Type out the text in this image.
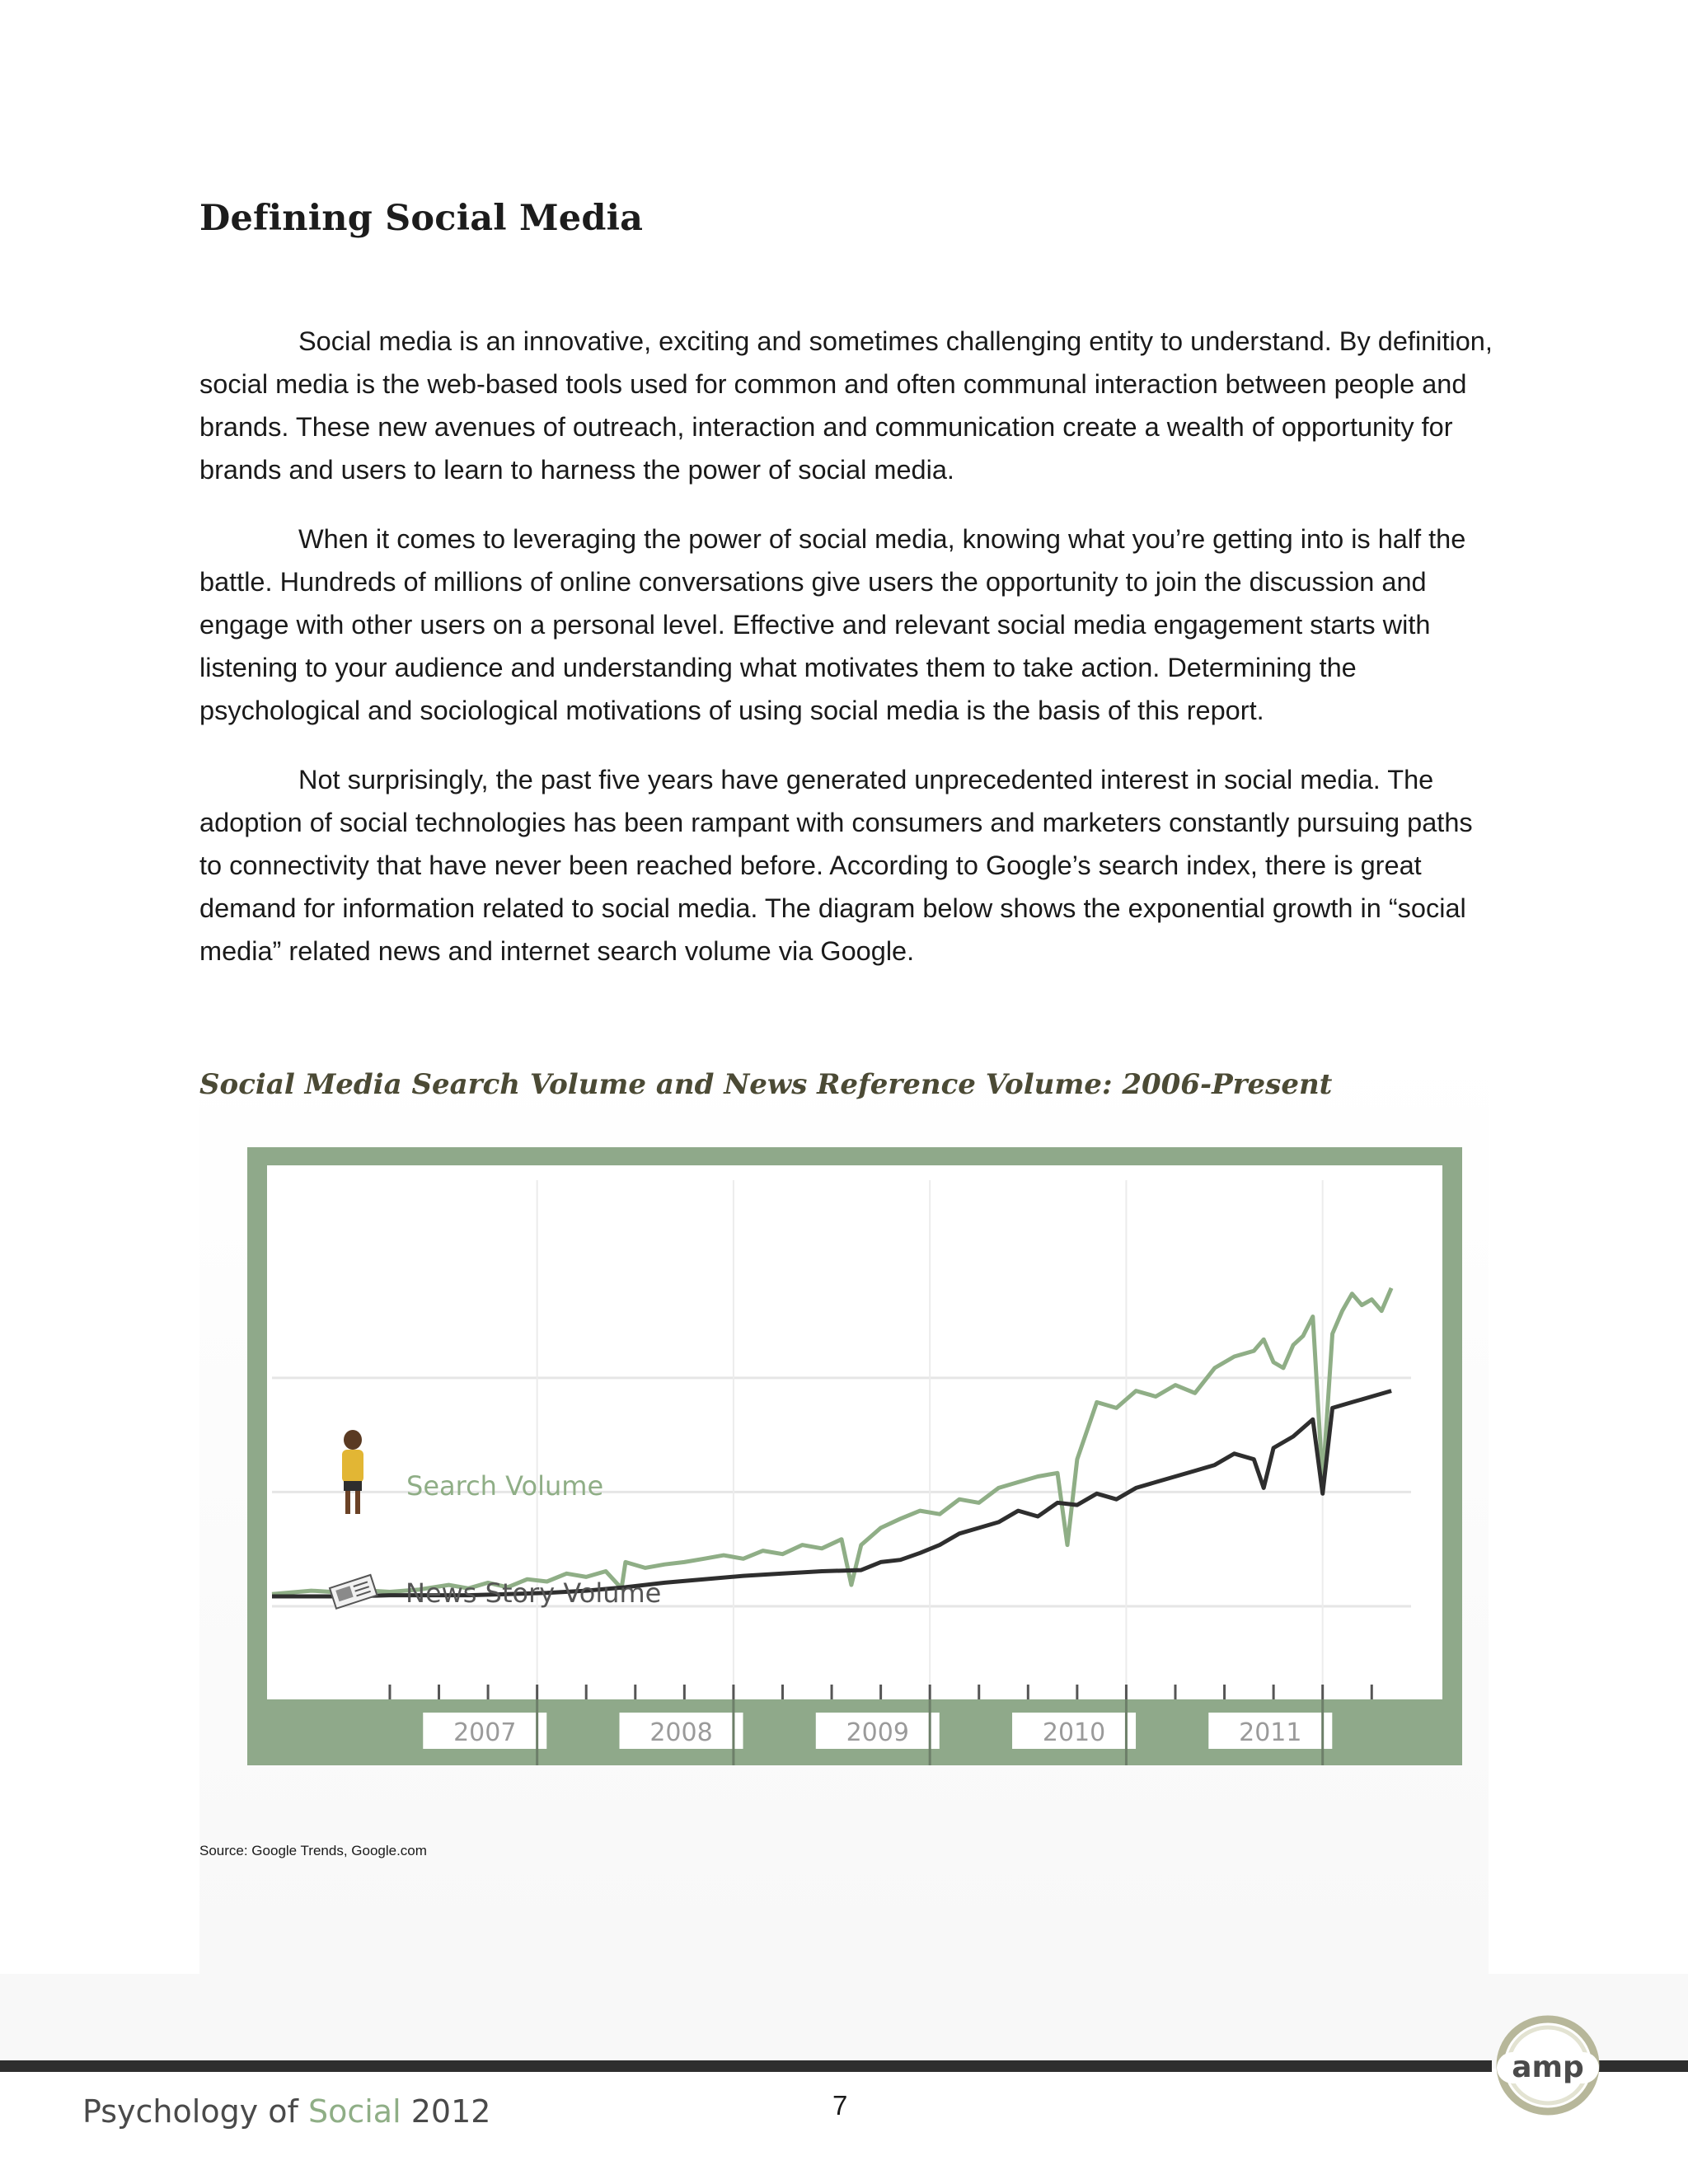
Defining Social Media

Social media is an innovative, exciting and sometimes challenging entity to understand. By definition, social media is the web-based tools used for common and often communal interaction between people and brands. These new avenues of outreach, interaction and communication create a wealth of opportunity for brands and users to learn to harness the power of social media.

When it comes to leveraging the power of social media, knowing what you’re getting into is half the battle. Hundreds of millions of online conversations give users the opportunity to join the discussion and engage with other users on a personal level. Effective and relevant social media engagement starts with listening to your audience and understanding what motivates them to take action. Determining the psychological and sociological motivations of using social media is the basis of this report.

Not surprisingly, the past five years have generated unprecedented interest in social media. The adoption of social technologies has been rampant with consumers and marketers constantly pursuing paths to connectivity that have never been reached before. According to Google’s search index, there is great demand for information related to social media. The diagram below shows the exponential growth in “social media” related news and internet search volume via Google.

Social Media Search Volume and News Reference Volume: 2006-Present
2007	2008	2009	2010	2011
Search Volume
News Story Volume
Source: Google Trends, Google.com
Psychology of Social 2012	7
amp
